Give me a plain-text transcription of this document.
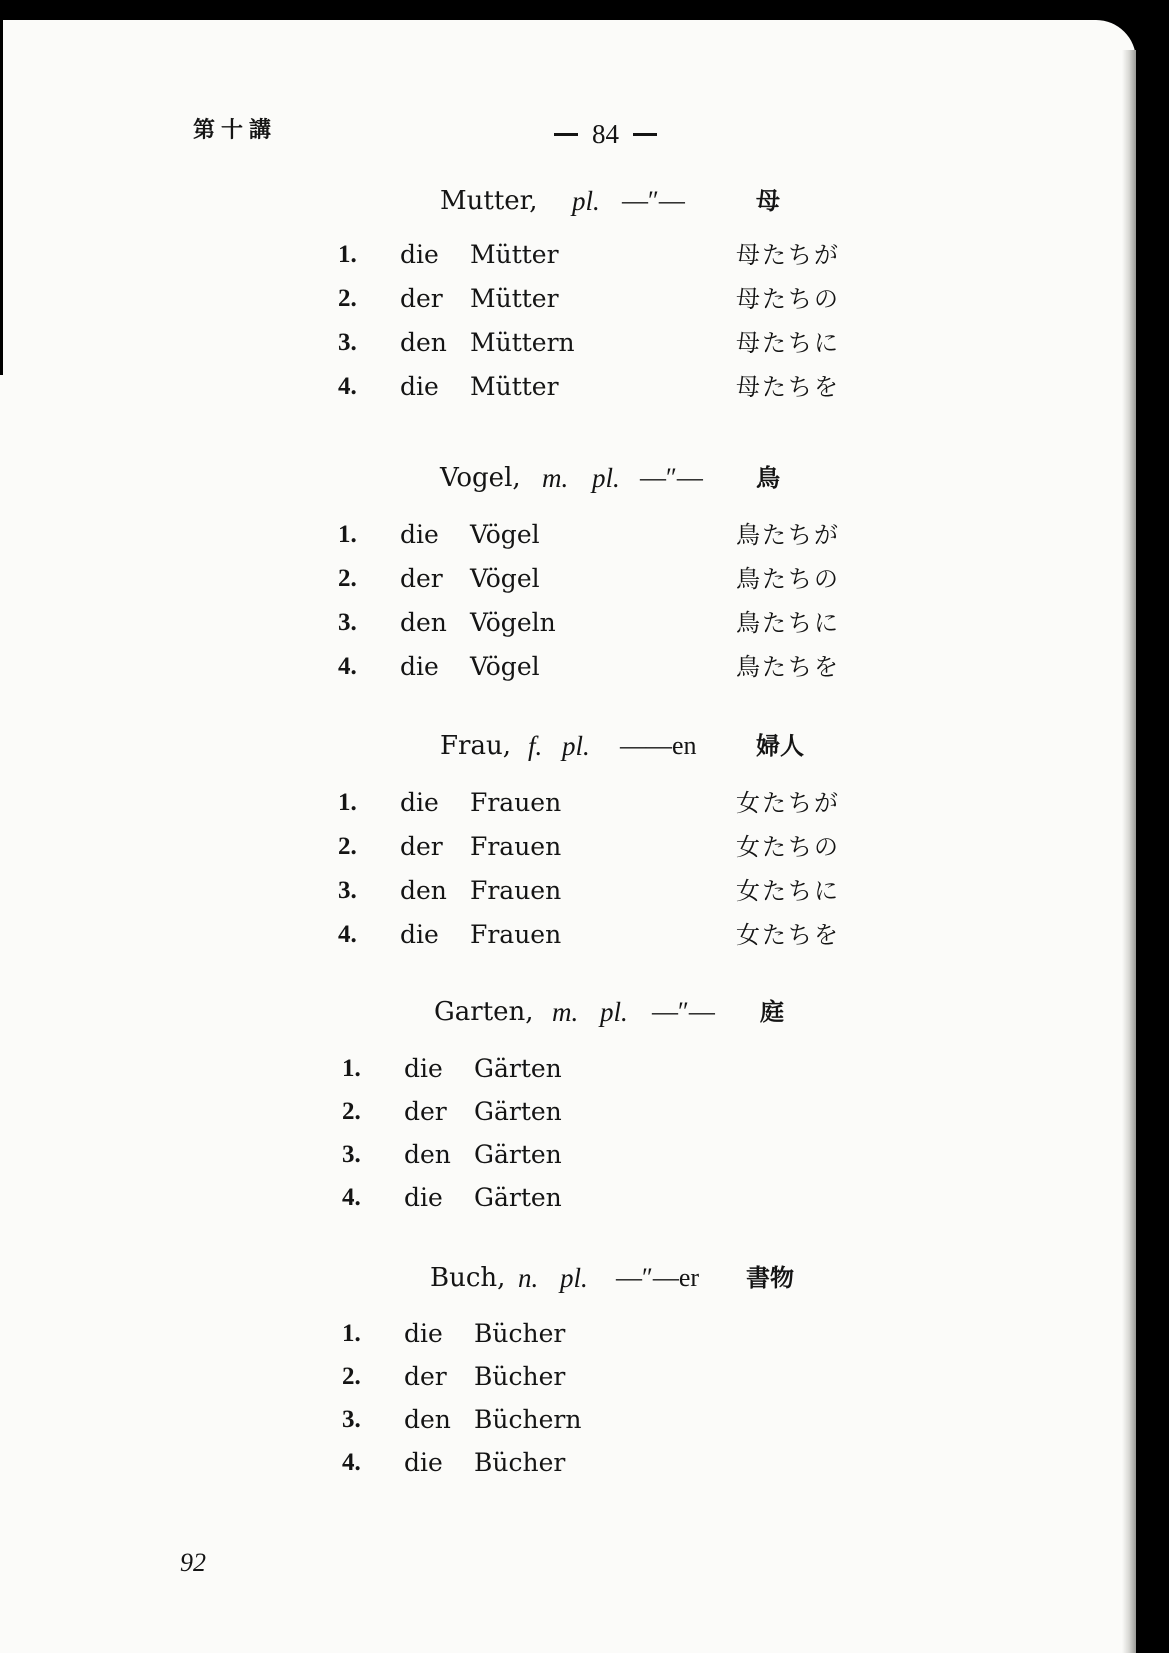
第十講	84
Mutter, pl. —″—	母
1. die Mütter	母たちが
2. der Mütter	母たちの
3. den Müttern	母たちに
4. die Mütter	母たちを
Vogel, m. pl. —″— 鳥
1. die Vögel	鳥たちが
2. der Vögel	鳥たちの
3. den Vögeln	鳥たちに
4. die Vögel	鳥たちを
Frau, f. pl. ——en 婦人
1. die Frauen	女たちが
2. der Frauen	女たちの
3. den Frauen	女たちに
4. die Frauen	女たちを
Garten, m. pl. —″— 庭
1. die Gärten
2. der Gärten
3. den Gärten
4. die Gärten
Buch, n. pl. —″—er 書物
1. die Bücher
2. der Bücher
3. den Büchern
4. die Bücher
92
